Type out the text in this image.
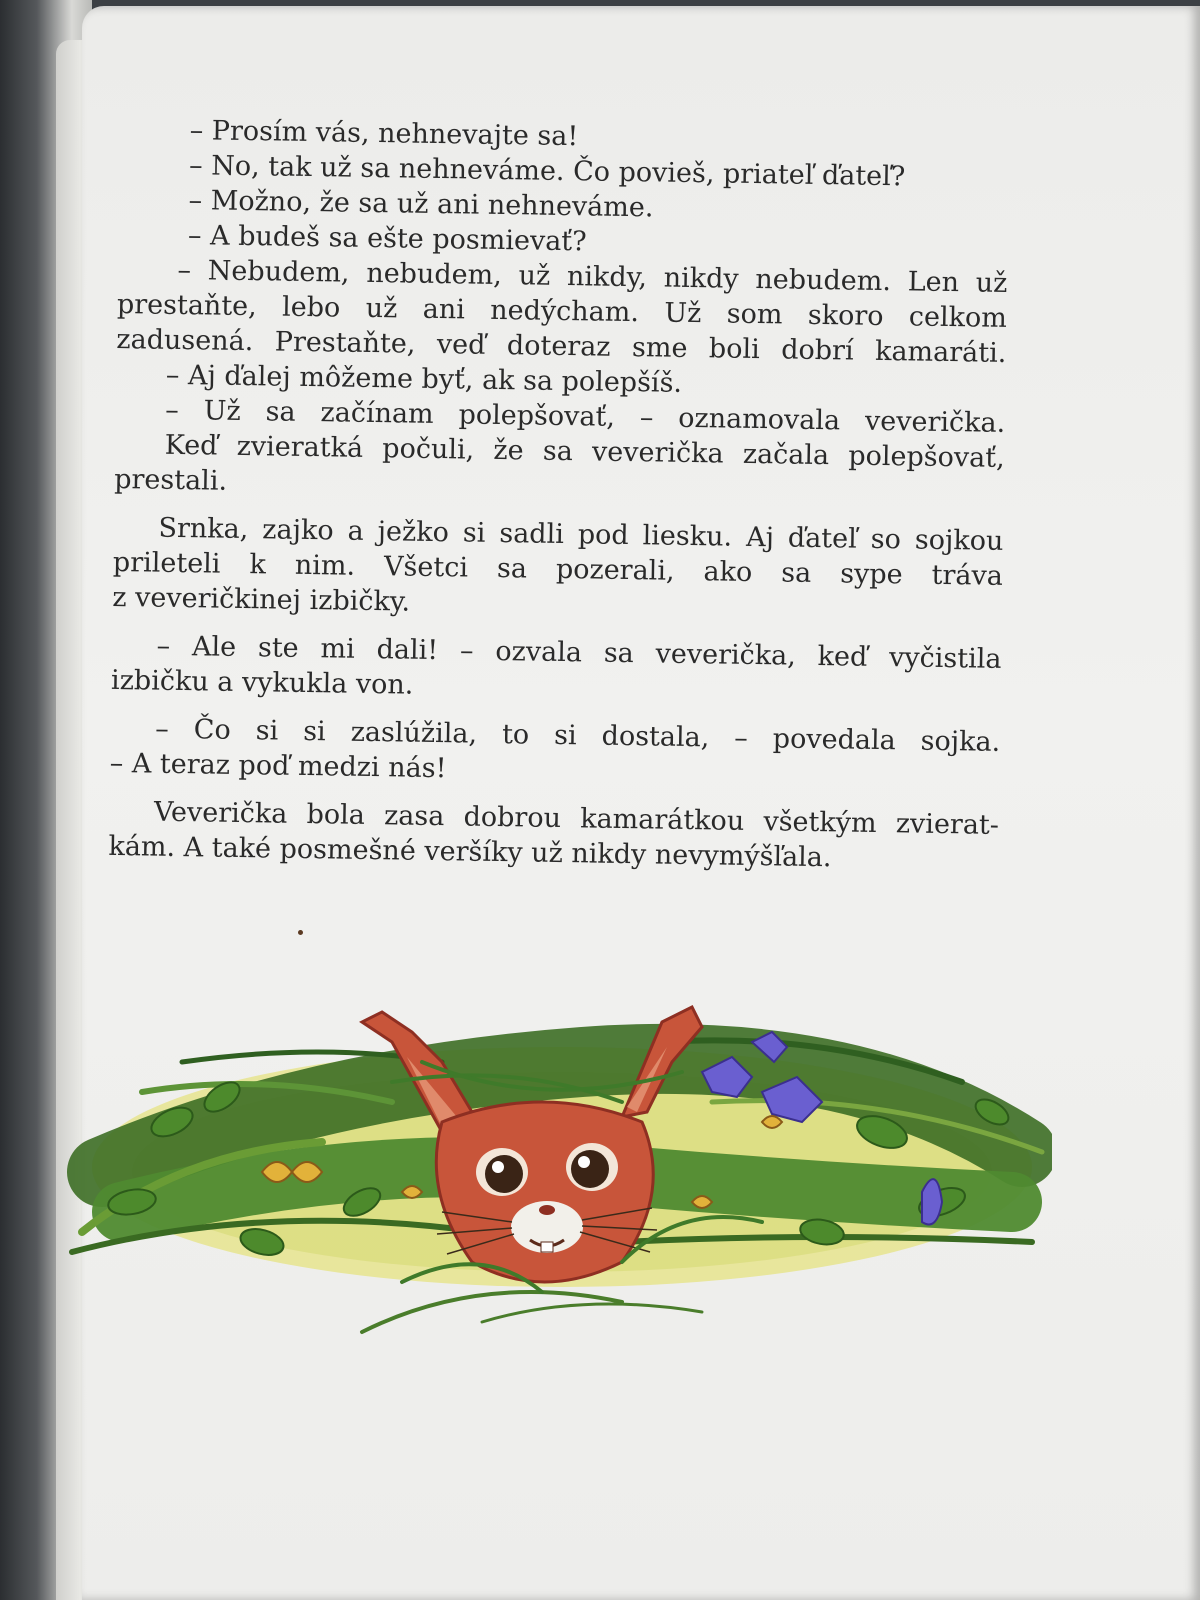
– Prosím vás, nehnevajte sa!
– No, tak už sa nehneváme. Čo povieš, priateľ ďateľ?
– Možno, že sa už ani nehneváme.
– A budeš sa ešte posmievať?
– Nebudem, nebudem, už nikdy, nikdy nebudem. Len už
prestaňte, lebo už ani nedýcham. Už som skoro celkom
zadusená. Prestaňte, veď doteraz sme boli dobrí kamaráti.
– Aj ďalej môžeme byť, ak sa polepšíš.
– Už sa začínam polepšovať, – oznamovala veverička.
Keď zvieratká počuli, že sa veverička začala polepšovať,
prestali.
Srnka, zajko a ježko si sadli pod liesku. Aj ďateľ so sojkou
prileteli k nim. Všetci sa pozerali, ako sa sype tráva
z veveričkinej izbičky.
– Ale ste mi dali! – ozvala sa veverička, keď vyčistila
izbičku a vykukla von.
– Čo si si zaslúžila, to si dostala, – povedala sojka.
– A teraz poď medzi nás!
Veverička bola zasa dobrou kamarátkou všetkým zvierat-
kám. A také posmešné veršíky už nikdy nevymýšľala.
